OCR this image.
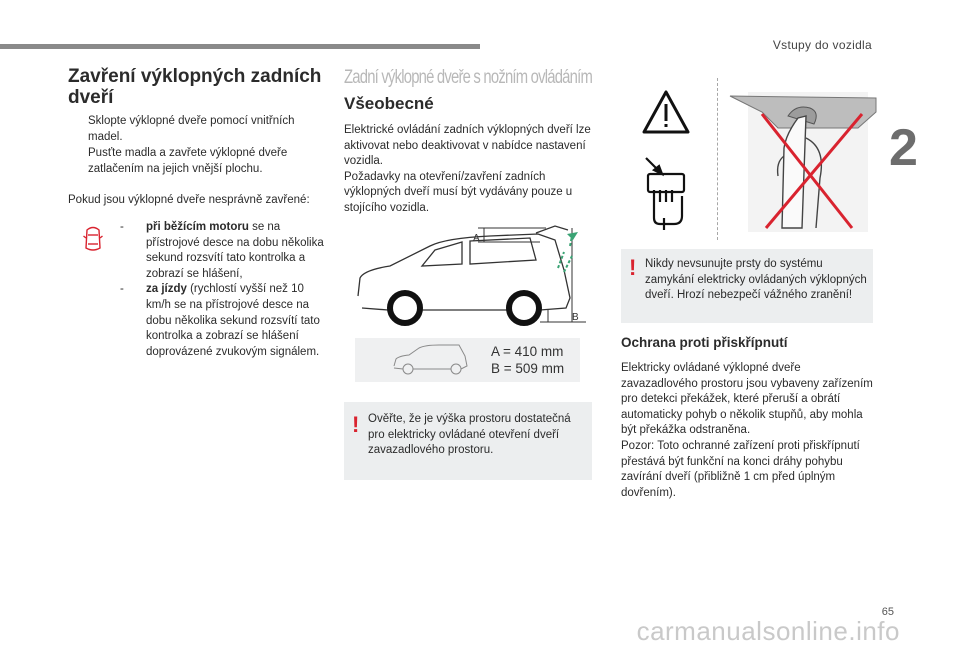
Vstupy do vozidla
2
Zavření výklopných zadních dveří
Sklopte výklopné dveře pomocí vnitřních madel.
Pusťte madla a zavřete výklopné dveře zatlačením na jejich vnější plochu.
Pokud jsou výklopné dveře nesprávně zavřené:
- při běžícím motoru se na přístrojové desce na dobu několika sekund rozsvítí tato kontrolka a zobrazí se hlášení,
- za jízdy (rychlostí vyšší než 10 km/h se na přístrojové desce na dobu několika sekund rozsvítí tato kontrolka a zobrazí se hlášení doprovázené zvukovým signálem.
Zadní výklopné dveře s nožním ovládáním
Všeobecné
Elektrické ovládání zadních výklopných dveří lze aktivovat nebo deaktivovat v nabídce nastavení vozidla.
Požadavky na otevření/zavření zadních výklopných dveří musí být vydávány pouze u stojícího vozidla.
A
B
A = 410 mm
B = 509 mm
! Ověřte, že je výška prostoru dostatečná pro elektricky ovládané otevření dveří zavazadlového prostoru.
! Nikdy nevsunujte prsty do systému zamykání elektricky ovládaných výklopných dveří. Hrozí nebezpečí vážného zranění!
Ochrana proti přiskřípnutí
Elektricky ovládané výklopné dveře zavazadlového prostoru jsou vybaveny zařízením pro detekci překážek, které přeruší a obrátí automaticky pohyb o několik stupňů, aby mohla být překážka odstraněna.
Pozor: Toto ochranné zařízení proti přiskřípnutí přestává být funkční na konci dráhy pohybu zavírání dveří (přibližně 1 cm před úplným dovřením).
65
carmanualsonline.info
